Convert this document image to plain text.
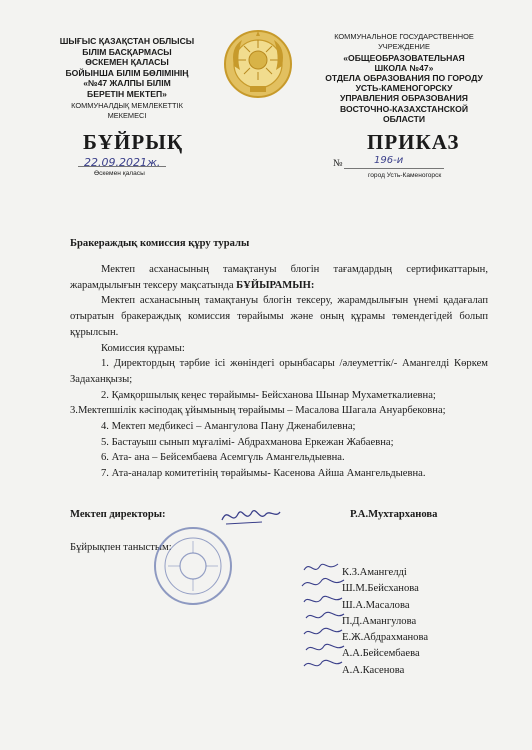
ШЫҒЫС ҚАЗАҚСТАН ОБЛЫСЫ
БІЛІМ БАСҚАРМАСЫ
ӨСКЕМЕН ҚАЛАСЫ
БОЙЫНША БІЛІМ БӨЛІМІНІҢ
«№47 ЖАЛПЫ БІЛІМ
БЕРЕТІН МЕКТЕП»
КОММУНАЛДЫҚ МЕМЛЕКЕТТІК
МЕКЕМЕСІ
КОММУНАЛЬНОЕ ГОСУДАРСТВЕННОЕ
УЧРЕЖДЕНИЕ
«ОБЩЕОБРАЗОВАТЕЛЬНАЯ
ШКОЛА №47»
ОТДЕЛА ОБРАЗОВАНИЯ ПО ГОРОДУ
УСТЬ-КАМЕНОГОРСКУ
УПРАВЛЕНИЯ ОБРАЗОВАНИЯ
ВОСТОЧНО-КАЗАХСТАНСКОЙ
ОБЛАСТИ
БҰЙРЫҚ	ПРИКАЗ
22.09.2021ж.
Өскемен қаласы
№	196-и
город Усть-Каменогорск
Бракераждық комиссия құру туралы

Мектеп асханасының тамақтануы блогін тағамдардың сертификаттарын, жарамдылығын тексеру мақсатында БҰЙЫРАМЫН:

Мектеп асханасының тамақтануы блогін тексеру, жарамдылығын үнемі қадағалап отыратын бракераждық комиссия төрайымы және оның құрамы төмендегідей болып құрылсын.

Комиссия құрамы:

1. Директордың тәрбие ісі жөніндегі орынбасары /әлеуметтік/- Амангелді Көркем Задаханқызы;

2. Қамқоршылық кеңес төрайымы- Бейсханова Шынар Мухаметкалиевна;

3.Мектепшілік кәсіподақ ұйымының төрайымы – Масалова Шагала Ануарбековна;

4. Мектеп медбикесі – Амангулова Пану Дженабилевна;

5. Бастауыш сынып мұғалімі- Абдрахманова Еркежан Жабаевна;

6. Ата- ана – Бейсембаева Асемгүль Амангельдыевна.

7. Ата-аналар комитетінің төрайымы- Касенова Айша Амангельдыевна.

Мектеп директоры:	Р.А.Мухтарханова
Бұйрықпен таныстым:
К.З.Амангелді
Ш.М.Бейсханова
Ш.А.Масалова
П.Д.Амангулова
Е.Ж.Абдрахманова
А.А.Бейсембаева
А.А.Касенова
